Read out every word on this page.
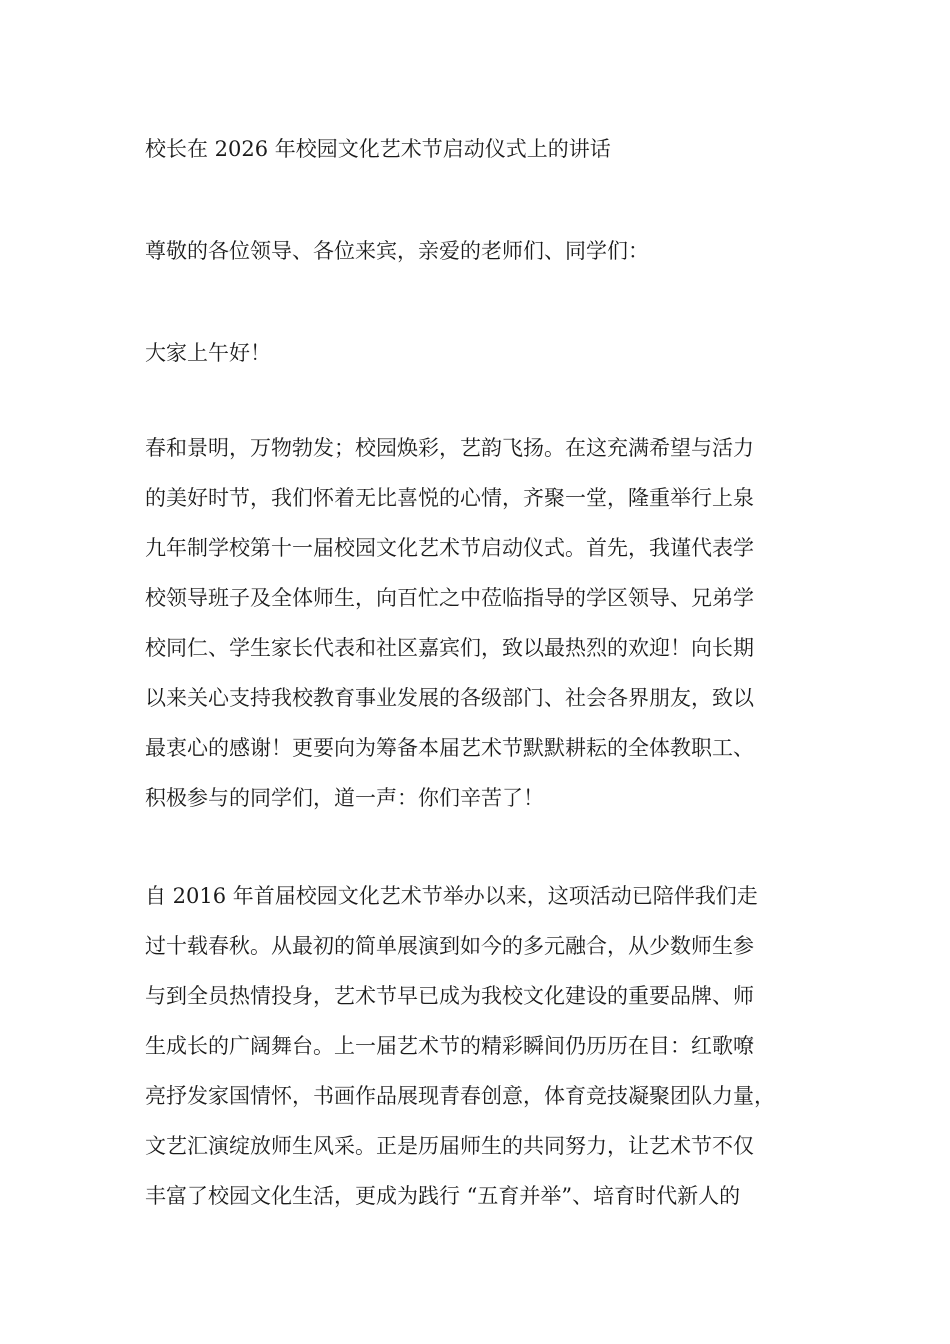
校长在 2026 年校园文化艺术节启动仪式上的讲话

尊敬的各位领导、各位来宾，亲爱的老师们、同学们：

大家上午好！

春和景明，万物勃发；校园焕彩，艺韵飞扬。在这充满希望与活力

的美好时节，我们怀着无比喜悦的心情，齐聚一堂，隆重举行上泉

九年制学校第十一届校园文化艺术节启动仪式。首先，我谨代表学

校领导班子及全体师生，向百忙之中莅临指导的学区领导、兄弟学

校同仁、学生家长代表和社区嘉宾们，致以最热烈的欢迎！向长期

以来关心支持我校教育事业发展的各级部门、社会各界朋友，致以

最衷心的感谢！更要向为筹备本届艺术节默默耕耘的全体教职工、

积极参与的同学们，道一声：你们辛苦了！

自 2016 年首届校园文化艺术节举办以来，这项活动已陪伴我们走

过十载春秋。从最初的简单展演到如今的多元融合，从少数师生参

与到全员热情投身，艺术节早已成为我校文化建设的重要品牌、师

生成长的广阔舞台。上一届艺术节的精彩瞬间仍历历在目：红歌嘹

亮抒发家国情怀，书画作品展现青春创意，体育竞技凝聚团队力量，

文艺汇演绽放师生风采。正是历届师生的共同努力，让艺术节不仅

丰富了校园文化生活，更成为践行 “五育并举”、培育时代新人的
